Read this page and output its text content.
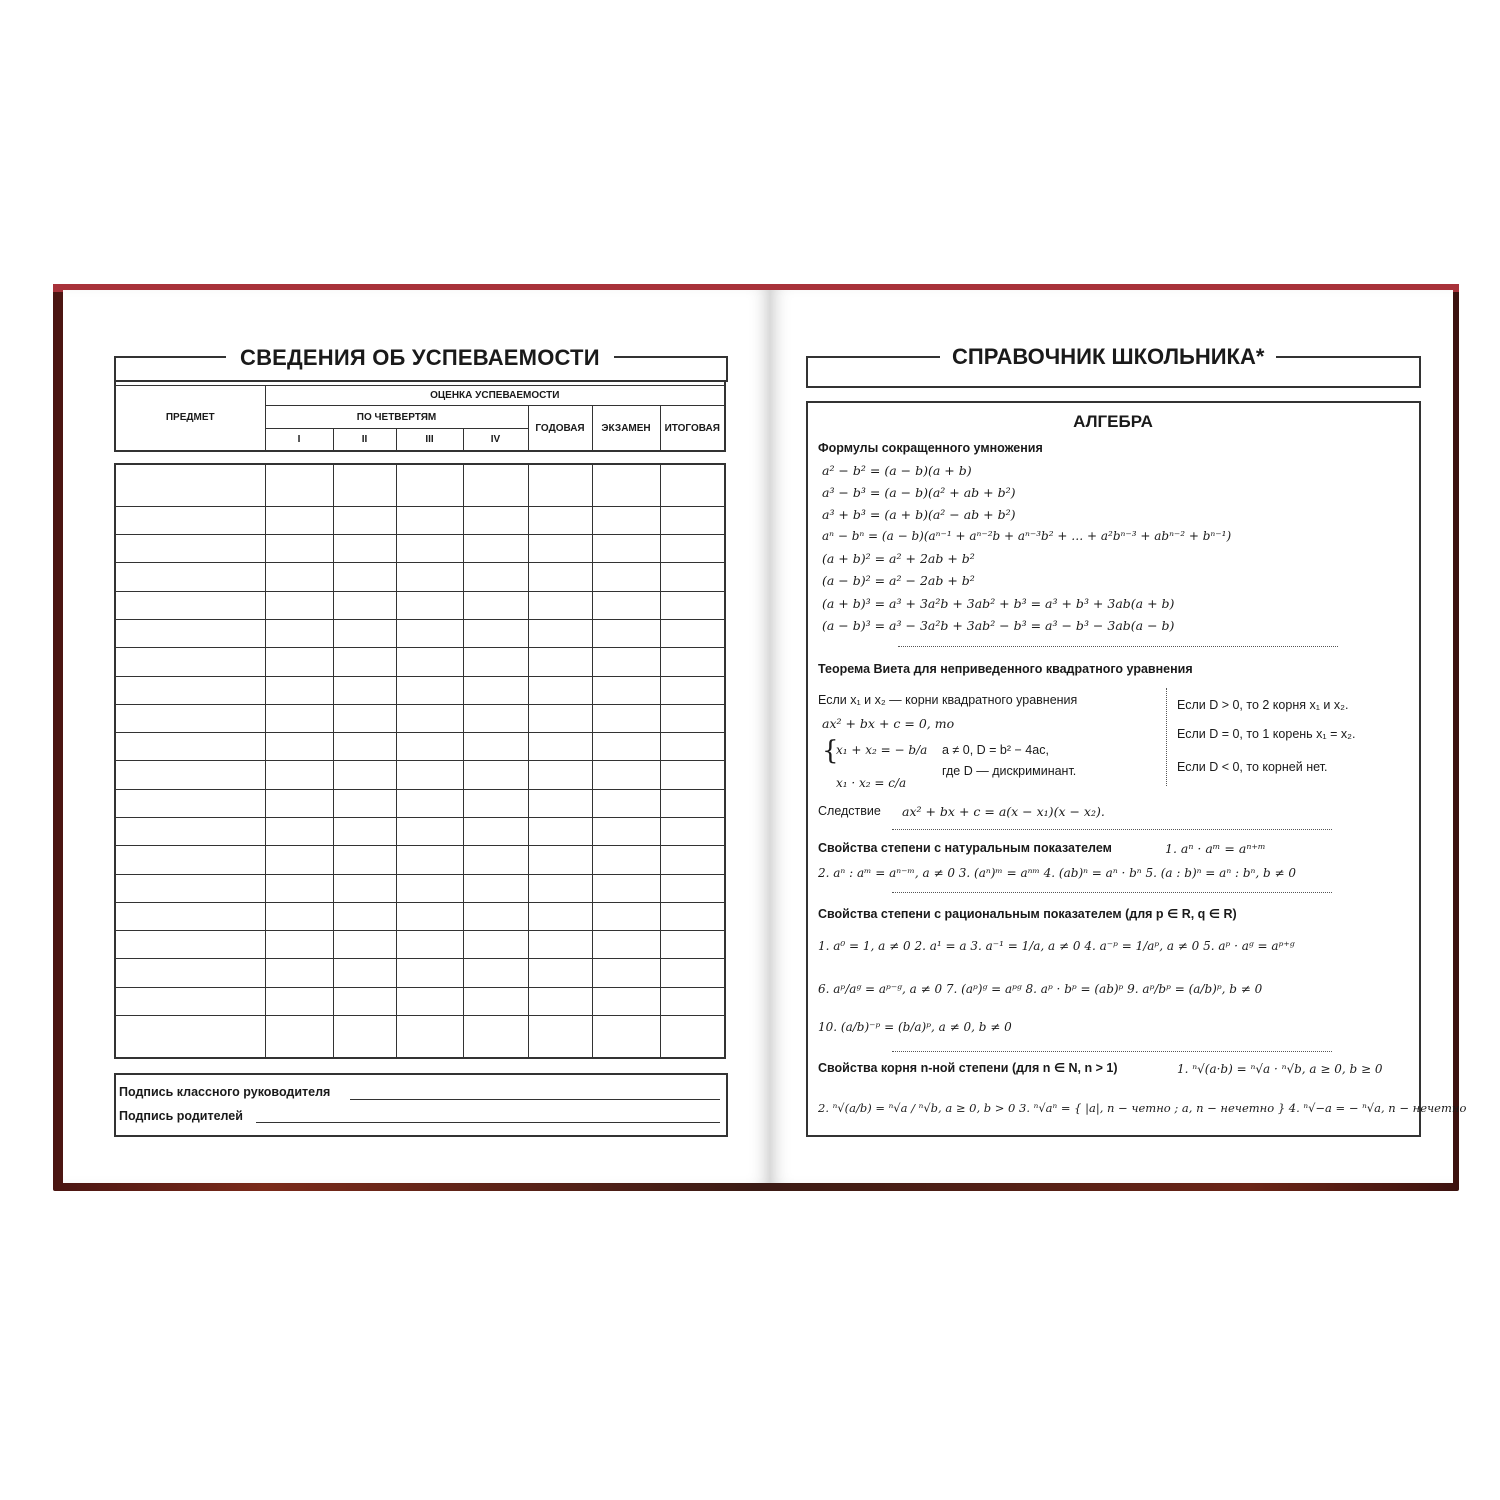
СВЕДЕНИЯ ОБ УСПЕВАЕМОСТИ

ПРЕДМЕТ	ОЦЕНКА УСПЕВАЕМОСТИ						
	ПО ЧЕТВЕРТЯМ				ГОДОВАЯ	ЭКЗАМЕН	ИТОГОВАЯ
	I	II	III	IV			

Подпись классного руководителя
Подпись родителей
СПРАВОЧНИК ШКОЛЬНИКА*
АЛГЕБРА
Формулы сокращенного умножения
a² − b² = (a − b)(a + b)
a³ − b³ = (a − b)(a² + ab + b²)
a³ + b³ = (a + b)(a² − ab + b²)
aⁿ − bⁿ = (a − b)(aⁿ⁻¹ + aⁿ⁻²b + aⁿ⁻³b² + … + a²bⁿ⁻³ + abⁿ⁻² + bⁿ⁻¹)
(a + b)² = a² + 2ab + b²
(a − b)² = a² − 2ab + b²
(a + b)³ = a³ + 3a²b + 3ab² + b³ = a³ + b³ + 3ab(a + b)
(a − b)³ = a³ − 3a²b + 3ab² − b³ = a³ − b³ − 3ab(a − b)
Теорема Виета для неприведенного квадратного уравнения
Если x₁ и x₂ — корни квадратного уравнения
ax² + bx + c = 0, то
{
x₁ + x₂ = − b/a
x₁ · x₂ = c/a
a ≠ 0, D = b² − 4ac,
где D — дискриминант.
Если D > 0, то 2 корня x₁ и x₂.
Если D = 0, то 1 корень x₁ = x₂.
Если D < 0, то корней нет.
Следствие ax² + bx + c = a(x − x₁)(x − x₂).
Свойства степени с натуральным показателем	1. aⁿ · aᵐ = aⁿ⁺ᵐ
2. aⁿ : aᵐ = aⁿ⁻ᵐ, a ≠ 0 3. (aⁿ)ᵐ = aⁿᵐ 4. (ab)ⁿ = aⁿ · bⁿ 5. (a : b)ⁿ = aⁿ : bⁿ, b ≠ 0
Свойства степени с рациональным показателем (для p ∈ R, q ∈ R)
1. a⁰ = 1, a ≠ 0 2. a¹ = a 3. a⁻¹ = 1/a, a ≠ 0 4. a⁻ᵖ = 1/aᵖ, a ≠ 0 5. aᵖ · aᵍ = aᵖ⁺ᵍ
6. aᵖ/aᵍ = aᵖ⁻ᵍ, a ≠ 0 7. (aᵖ)ᵍ = aᵖᵍ 8. aᵖ · bᵖ = (ab)ᵖ 9. aᵖ/bᵖ = (a/b)ᵖ, b ≠ 0
10. (a/b)⁻ᵖ = (b/a)ᵖ, a ≠ 0, b ≠ 0
Свойства корня n-ной степени (для n ∈ N, n > 1)	1. ⁿ√(a·b) = ⁿ√a · ⁿ√b, a ≥ 0, b ≥ 0
2. ⁿ√(a/b) = ⁿ√a / ⁿ√b, a ≥ 0, b > 0 3. ⁿ√aⁿ = { |a|, n − четно ; a, n − нечетно } 4. ⁿ√−a = − ⁿ√a, n − нечетно
